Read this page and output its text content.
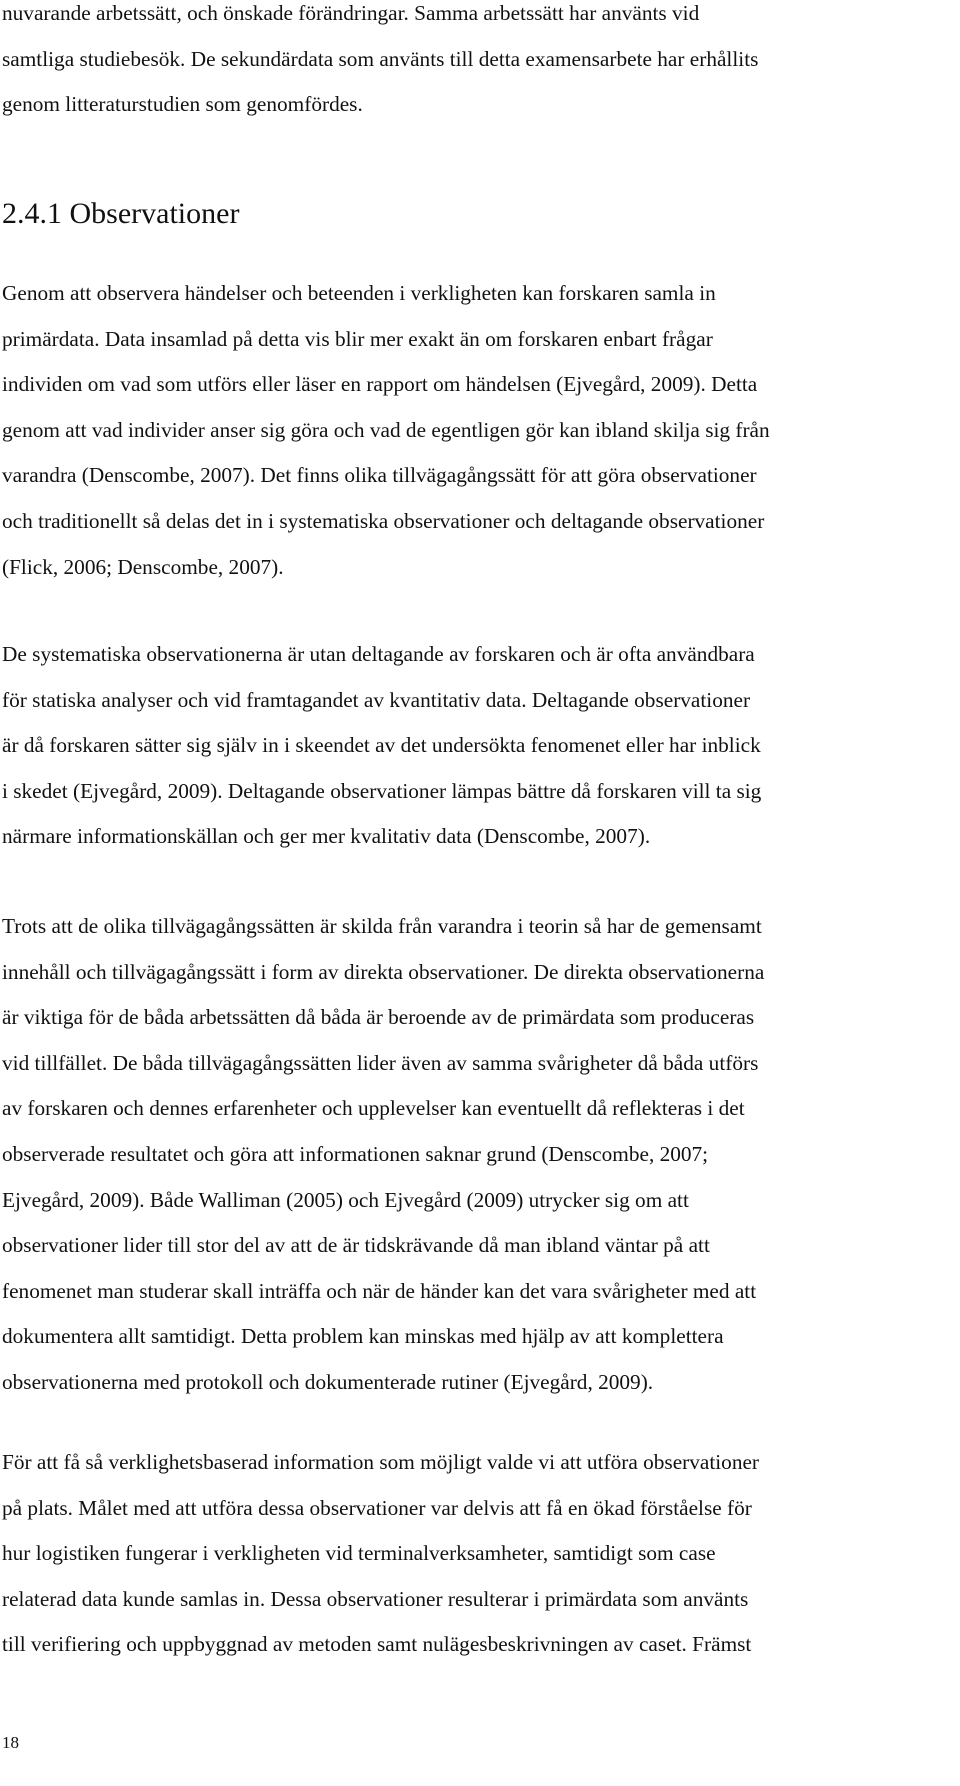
nuvarande arbetssätt, och önskade förändringar. Samma arbetssätt har använts vid
samtliga studiebesök. De sekundärdata som använts till detta examensarbete har erhållits
genom litteraturstudien som genomfördes.
2.4.1 Observationer
Genom att observera händelser och beteenden i verkligheten kan forskaren samla in
primärdata. Data insamlad på detta vis blir mer exakt än om forskaren enbart frågar
individen om vad som utförs eller läser en rapport om händelsen (Ejvegård, 2009). Detta
genom att vad individer anser sig göra och vad de egentligen gör kan ibland skilja sig från
varandra (Denscombe, 2007). Det finns olika tillvägagångssätt för att göra observationer
och traditionellt så delas det in i systematiska observationer och deltagande observationer
(Flick, 2006; Denscombe, 2007).
De systematiska observationerna är utan deltagande av forskaren och är ofta användbara
för statiska analyser och vid framtagandet av kvantitativ data. Deltagande observationer
är då forskaren sätter sig själv in i skeendet av det undersökta fenomenet eller har inblick
i skedet (Ejvegård, 2009). Deltagande observationer lämpas bättre då forskaren vill ta sig
närmare informationskällan och ger mer kvalitativ data (Denscombe, 2007).
Trots att de olika tillvägagångssätten är skilda från varandra i teorin så har de gemensamt
innehåll och tillvägagångssätt i form av direkta observationer. De direkta observationerna
är viktiga för de båda arbetssätten då båda är beroende av de primärdata som produceras
vid tillfället. De båda tillvägagångssätten lider även av samma svårigheter då båda utförs
av forskaren och dennes erfarenheter och upplevelser kan eventuellt då reflekteras i det
observerade resultatet och göra att informationen saknar grund (Denscombe, 2007;
Ejvegård, 2009). Både Walliman (2005) och Ejvegård (2009) utrycker sig om att
observationer lider till stor del av att de är tidskrävande då man ibland väntar på att
fenomenet man studerar skall inträffa och när de händer kan det vara svårigheter med att
dokumentera allt samtidigt. Detta problem kan minskas med hjälp av att komplettera
observationerna med protokoll och dokumenterade rutiner (Ejvegård, 2009).
För att få så verklighetsbaserad information som möjligt valde vi att utföra observationer
på plats. Målet med att utföra dessa observationer var delvis att få en ökad förståelse för
hur logistiken fungerar i verkligheten vid terminalverksamheter, samtidigt som case
relaterad data kunde samlas in. Dessa observationer resulterar i primärdata som använts
till verifiering och uppbyggnad av metoden samt nulägesbeskrivningen av caset. Främst
18
